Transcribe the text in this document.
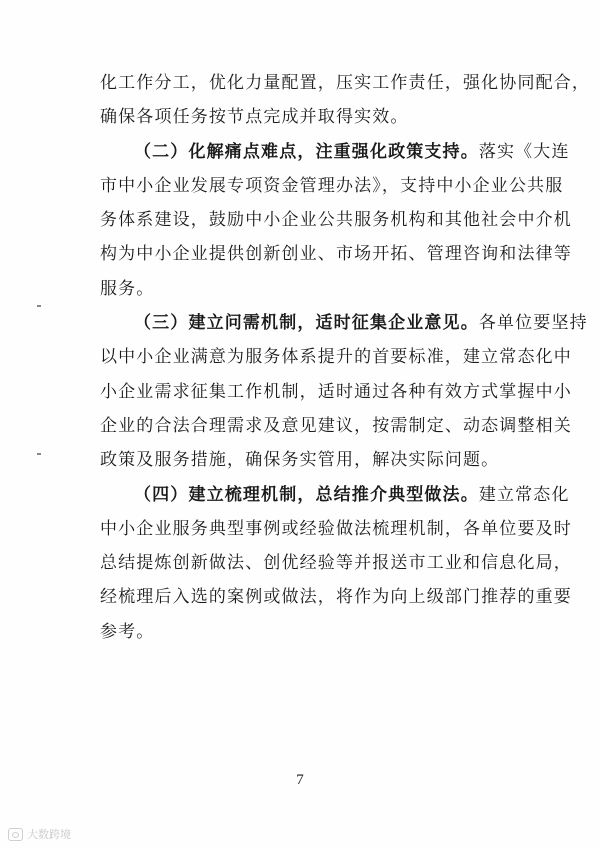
化工作分工，优化力量配置，压实工作责任，强化协同配合，
确保各项任务按节点完成并取得实效。
（二）化解痛点难点，注重强化政策支持。落实《大连
市中小企业发展专项资金管理办法》，支持中小企业公共服
务体系建设，鼓励中小企业公共服务机构和其他社会中介机
构为中小企业提供创新创业、市场开拓、管理咨询和法律等
服务。
（三）建立问需机制，适时征集企业意见。各单位要坚持
以中小企业满意为服务体系提升的首要标准，建立常态化中
小企业需求征集工作机制，适时通过各种有效方式掌握中小
企业的合法合理需求及意见建议，按需制定、动态调整相关
政策及服务措施，确保务实管用，解决实际问题。
（四）建立梳理机制，总结推介典型做法。建立常态化
中小企业服务典型事例或经验做法梳理机制，各单位要及时
总结提炼创新做法、创优经验等并报送市工业和信息化局，
经梳理后入选的案例或做法，将作为向上级部门推荐的重要
参考。
7
大数跨境
